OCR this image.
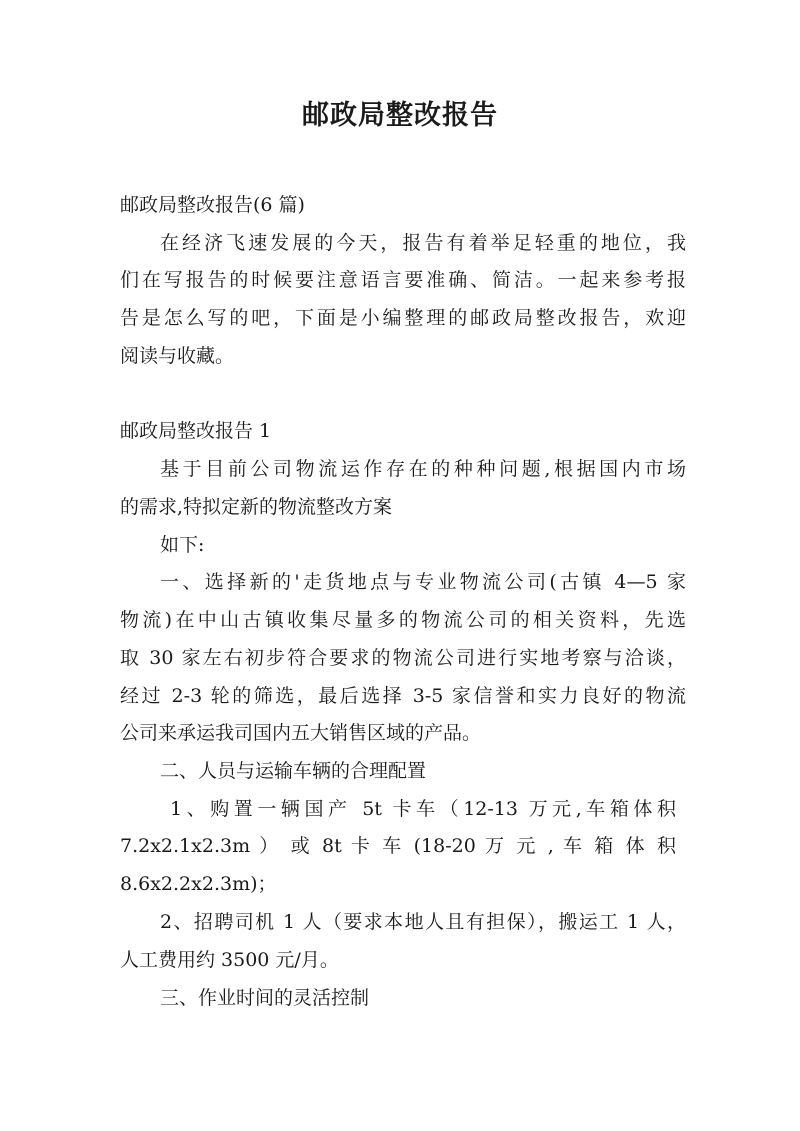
邮政局整改报告
邮政局整改报告(6 篇)
在经济飞速发展的今天，报告有着举足轻重的地位，我
们在写报告的时候要注意语言要准确、简洁。一起来参考报
告是怎么写的吧，下面是小编整理的邮政局整改报告，欢迎
阅读与收藏。
邮政局整改报告 1
基于目前公司物流运作存在的种种问题,根据国内市场
的需求,特拟定新的物流整改方案
如下:
一、选择新的'走货地点与专业物流公司(古镇 4—5 家
物流)在中山古镇收集尽量多的物流公司的相关资料，先选
取 30 家左右初步符合要求的物流公司进行实地考察与洽谈，
经过 2-3 轮的筛选，最后选择 3-5 家信誉和实力良好的物流
公司来承运我司国内五大销售区域的产品。
二、人员与运输车辆的合理配置
1、购置一辆国产 5t 卡车（12-13 万元,车箱体积
7.2x2.1x2.3m ） 或 8t 卡 车 (18-20 万 元 , 车 箱 体 积
8.6x2.2x2.3m)；
2、招聘司机 1 人（要求本地人且有担保），搬运工 1 人，
人工费用约 3500 元/月。
三、作业时间的灵活控制
